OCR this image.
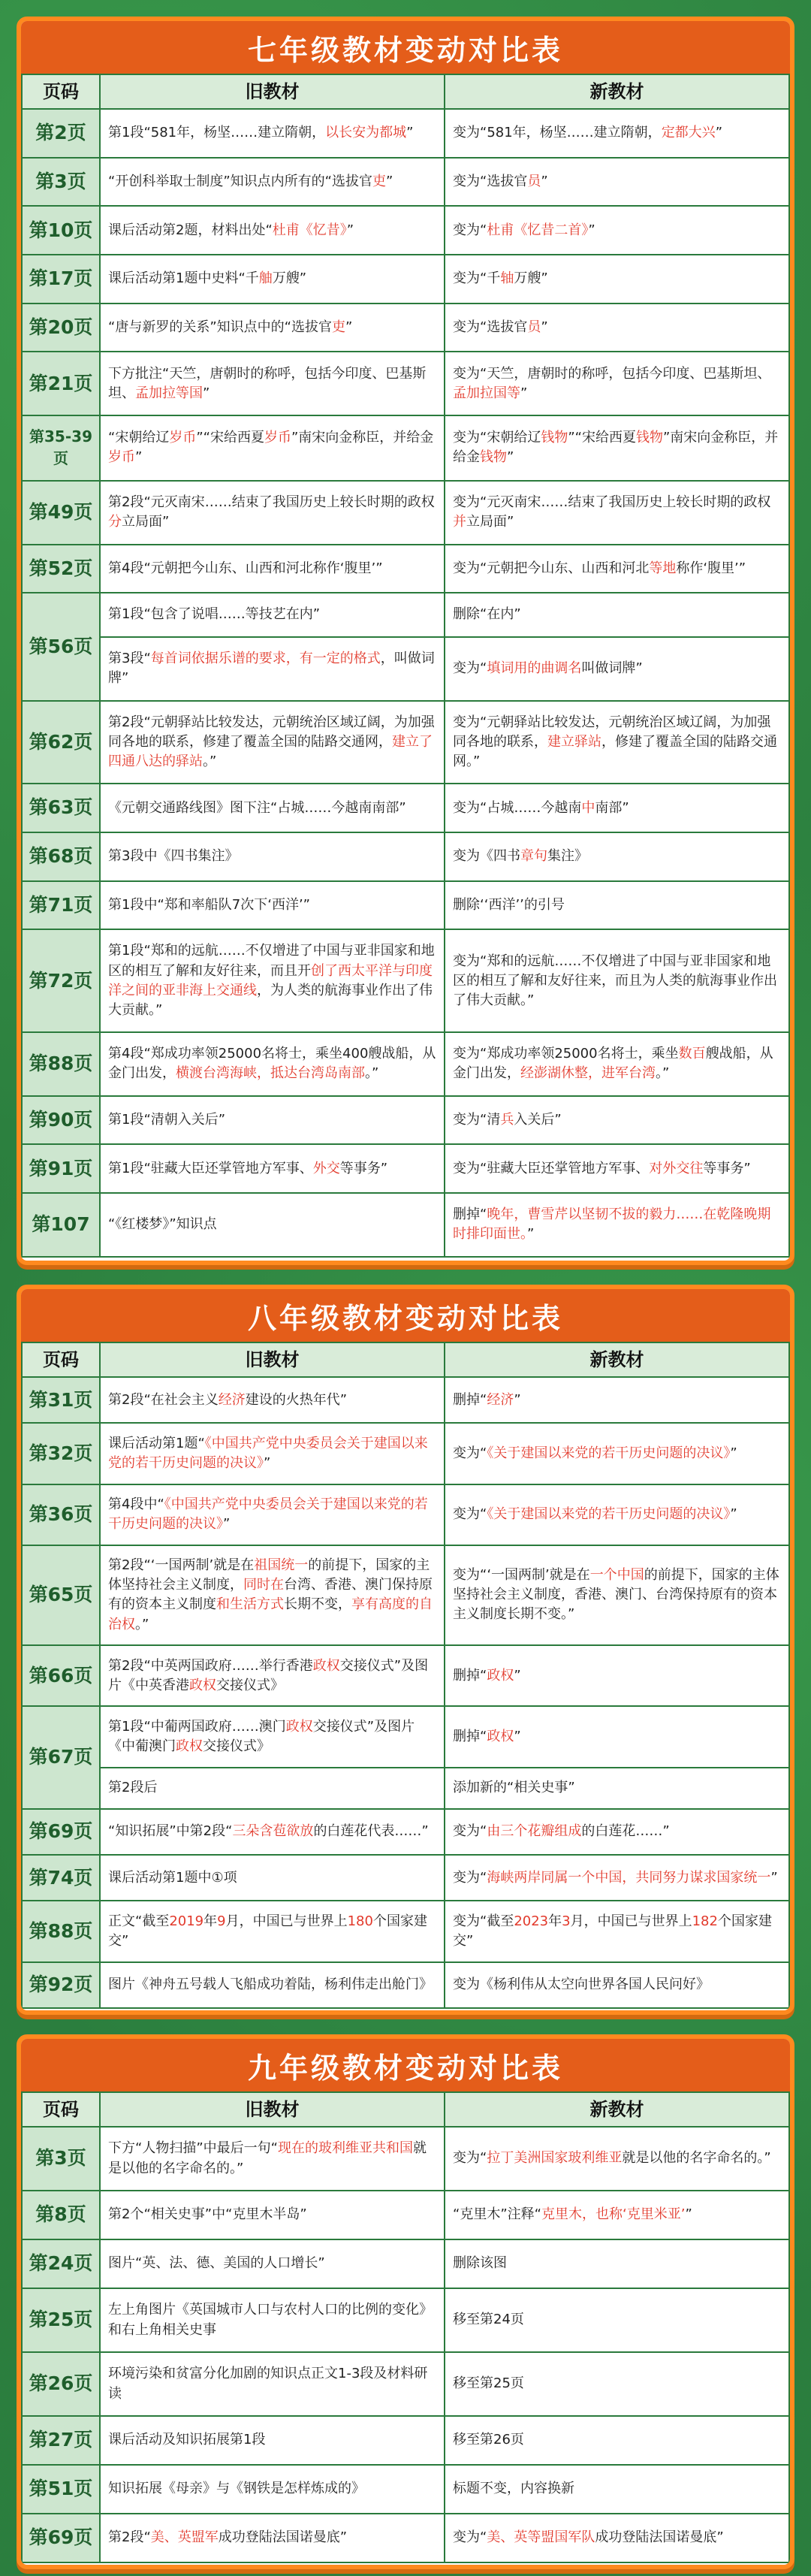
七年级教材变动对比表
页码	旧教材	新教材
第2页	第1段“581年，杨坚……建立隋朝，以长安为都城”	变为“581年，杨坚……建立隋朝，定都大兴”
第3页	“开创科举取士制度”知识点内所有的“选拔官吏”	变为“选拔官员”
第10页	课后活动第2题，材料出处“杜甫《忆昔》”	变为“杜甫《忆昔二首》”
第17页	课后活动第1题中史料“千舳万艘”	变为“千轴万艘”
第20页	“唐与新罗的关系”知识点中的“选拔官吏”	变为“选拔官员”
第21页	下方批注“天竺，唐朝时的称呼，包括今印度、巴基斯坦、孟加拉等国”	变为“天竺，唐朝时的称呼，包括今印度、巴基斯坦、孟加拉国等”
第35-39页	“宋朝给辽岁币”“宋给西夏岁币”南宋向金称臣，并给金岁币”	变为“宋朝给辽钱物”“宋给西夏钱物”南宋向金称臣，并给金钱物”
第49页	第2段“元灭南宋……结束了我国历史上较长时期的政权分立局面”	变为“元灭南宋……结束了我国历史上较长时期的政权并立局面”
第52页	第4段“元朝把今山东、山西和河北称作‘腹里’”	变为“元朝把今山东、山西和河北等地称作‘腹里’”
第56页	第1段“包含了说唱……等技艺在内”	删除“在内”
	第3段“每首词依据乐谱的要求，有一定的格式，叫做词牌”	变为“填词用的曲调名叫做词牌”
第62页	第2段“元朝驿站比较发达，元朝统治区域辽阔，为加强同各地的联系，修建了覆盖全国的陆路交通网，建立了四通八达的驿站。”	变为“元朝驿站比较发达，元朝统治区域辽阔，为加强同各地的联系，建立驿站，修建了覆盖全国的陆路交通网。”
第63页	《元朝交通路线图》图下注“占城……今越南南部”	变为“占城……今越南中南部”
第68页	第3段中《四书集注》	变为《四书章句集注》
第71页	第1段中“郑和率船队7次下‘西洋’”	删除‘‘西洋’’的引号
第72页	第1段“郑和的远航……不仅增进了中国与亚非国家和地区的相互了解和友好往来，而且开创了西太平洋与印度洋之间的亚非海上交通线，为人类的航海事业作出了伟大贡献。”	变为“郑和的远航……不仅增进了中国与亚非国家和地区的相互了解和友好往来，而且为人类的航海事业作出了伟大贡献。”
第88页	第4段“郑成功率领25000名将士，乘坐400艘战船，从金门出发，横渡台湾海峡，抵达台湾岛南部。”	变为“郑成功率领25000名将士，乘坐数百艘战船，从金门出发，经澎湖休整，进军台湾。”
第90页	第1段“清朝入关后”	变为“清兵入关后”
第91页	第1段“驻藏大臣还掌管地方军事、外交等事务”	变为“驻藏大臣还掌管地方军事、对外交往等事务”
第107	“《红楼梦》”知识点	删掉“晚年，曹雪芹以坚韧不拔的毅力……在乾隆晚期时排印面世。”
八年级教材变动对比表
页码	旧教材	新教材
第31页	第2段“在社会主义经济建设的火热年代”	删掉“经济”
第32页	课后活动第1题“《中国共产党中央委员会关于建国以来党的若干历史问题的决议》”	变为“《关于建国以来党的若干历史问题的决议》”
第36页	第4段中“《中国共产党中央委员会关于建国以来党的若干历史问题的决议》”	变为“《关于建国以来党的若干历史问题的决议》”
第65页	第2段“‘一国两制’就是在祖国统一的前提下，国家的主体坚持社会主义制度，同时在台湾、香港、澳门保持原有的资本主义制度和生活方式长期不变，享有高度的自治权。”	变为“‘一国两制’就是在一个中国的前提下，国家的主体坚持社会主义制度，香港、澳门、台湾保持原有的资本主义制度长期不变。”
第66页	第2段“中英两国政府……举行香港政权交接仪式”及图片《中英香港政权交接仪式》	删掉“政权”
第67页	第1段“中葡两国政府……澳门政权交接仪式”及图片《中葡澳门政权交接仪式》	删掉“政权”
	第2段后	添加新的“相关史事”
第69页	“知识拓展”中第2段“三朵含苞欲放的白莲花代表……”	变为“由三个花瓣组成的白莲花……”
第74页	课后活动第1题中①项	变为“海峡两岸同属一个中国，共同努力谋求国家统一”
第88页	正文“截至2019年9月，中国已与世界上180个国家建交”	变为“截至2023年3月，中国已与世界上182个国家建交”
第92页	图片《神舟五号载人飞船成功着陆，杨利伟走出舱门》	变为《杨利伟从太空向世界各国人民问好》
九年级教材变动对比表
页码	旧教材	新教材
第3页	下方“人物扫描”中最后一句“现在的玻利维亚共和国就是以他的名字命名的。”	变为“拉丁美洲国家玻利维亚就是以他的名字命名的。”
第8页	第2个“相关史事”中“克里木半岛”	“克里木”注释“克里木，也称‘克里米亚’”
第24页	图片“英、法、德、美国的人口增长”	删除该图
第25页	左上角图片《英国城市人口与农村人口的比例的变化》和右上角相关史事	移至第24页
第26页	环境污染和贫富分化加剧的知识点正文1-3段及材料研读	移至第25页
第27页	课后活动及知识拓展第1段	移至第26页
第51页	知识拓展《母亲》与《钢铁是怎样炼成的》	标题不变，内容换新
第69页	第2段“美、英盟军成功登陆法国诺曼底”	变为“美、英等盟国军队成功登陆法国诺曼底”
